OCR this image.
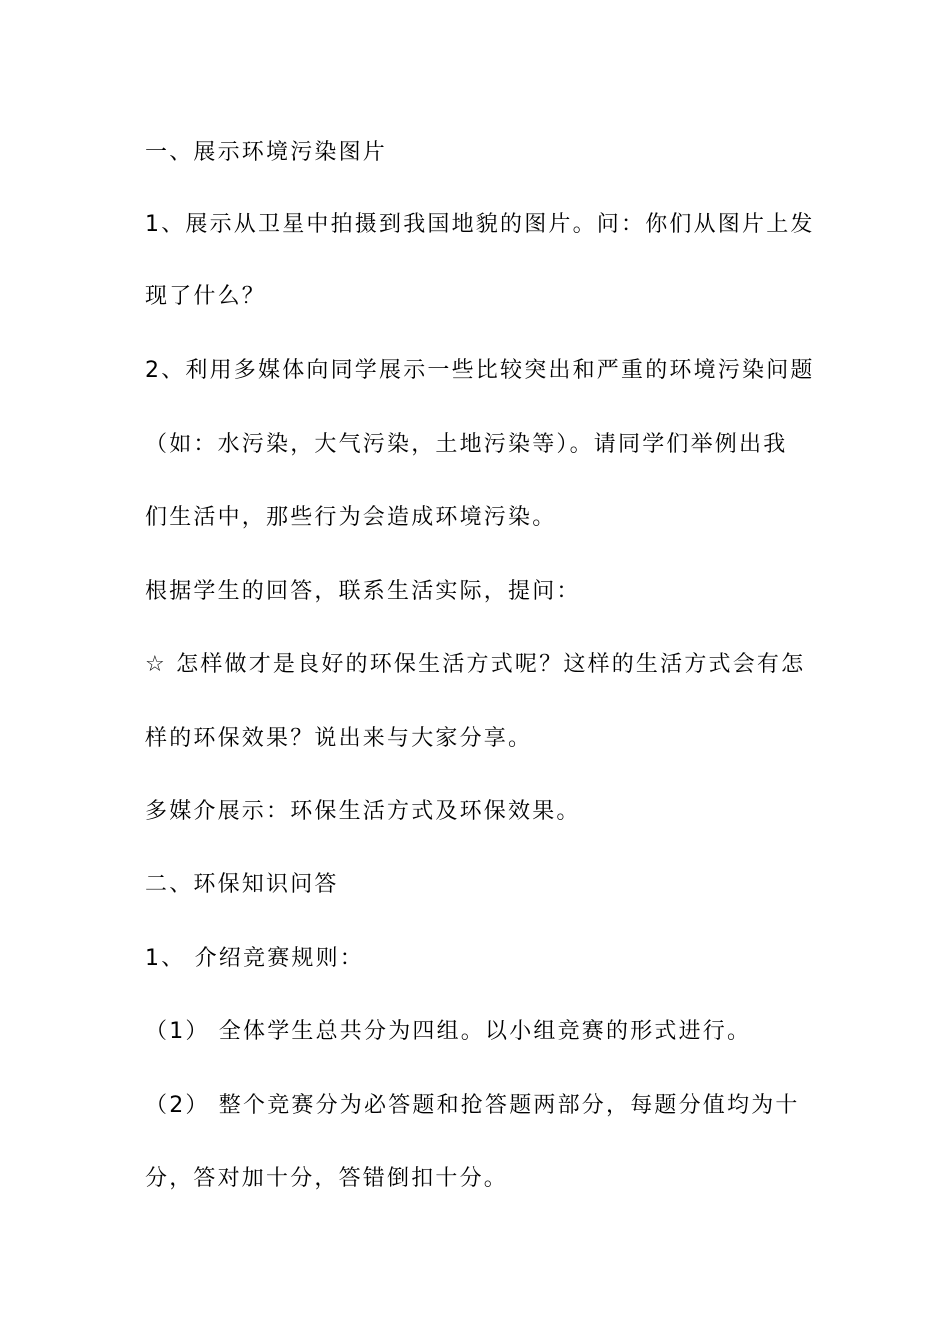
一、展示环境污染图片
1、展示从卫星中拍摄到我国地貌的图片。问：你们从图片上发
现了什么？
2、利用多媒体向同学展示一些比较突出和严重的环境污染问题
（如：水污染，大气污染，土地污染等）。请同学们举例出我
们生活中，那些行为会造成环境污染。
根据学生的回答，联系生活实际，提问：
☆ 怎样做才是良好的环保生活方式呢？这样的生活方式会有怎
样的环保效果？说出来与大家分享。
多媒介展示：环保生活方式及环保效果。
二、环保知识问答
1、 介绍竞赛规则：
（1） 全体学生总共分为四组。以小组竞赛的形式进行。
（2） 整个竞赛分为必答题和抢答题两部分，每题分值均为十
分，答对加十分，答错倒扣十分。
